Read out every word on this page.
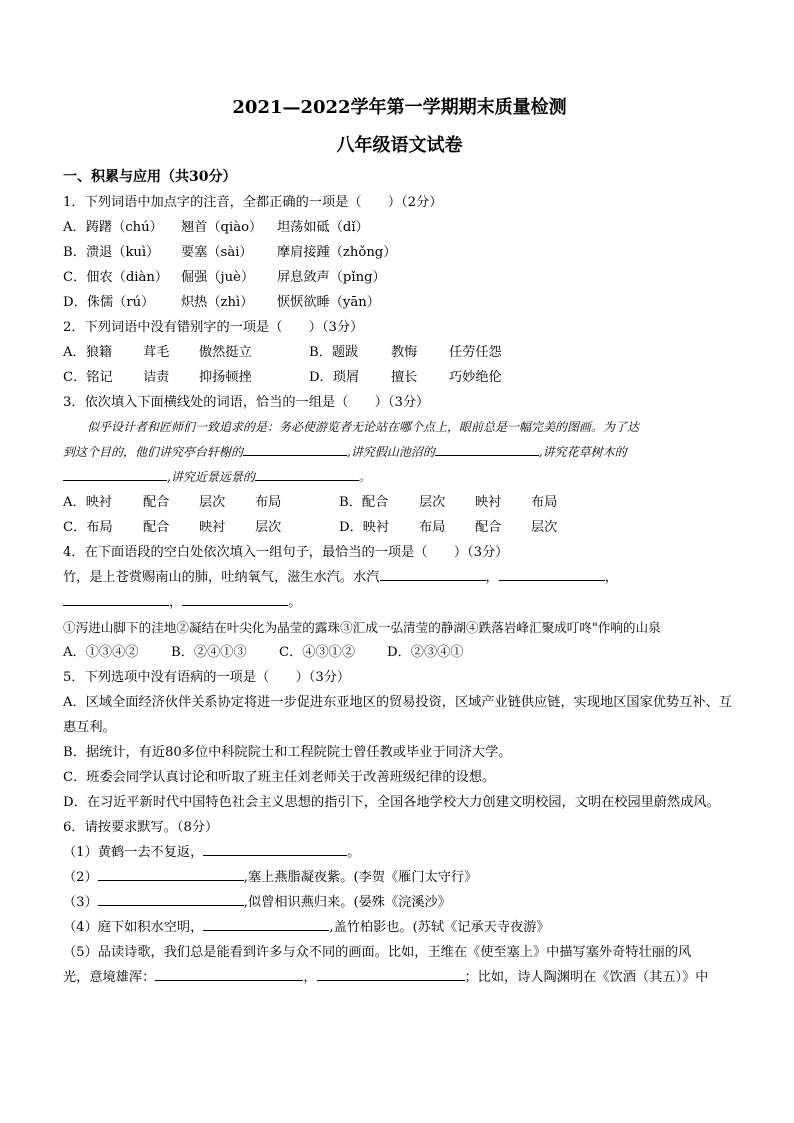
2021—2022学年第一学期期末质量检测
八年级语文试卷
一、积累与应用（共30分）
1．下列词语中加点字的注音，全都正确的一项是（　　）（2分）
A．踌躇（chú）	翘首（qiào）	坦荡如砥（dǐ）
B．溃退（kuì）	要塞（sài）	摩肩接踵（zhǒng）
C．佃农（diàn） 倔强（juè）	屏息敛声（pǐng）
D．侏儒（rú）	炽热（zhì）	恹恹欲睡（yān）
2．下列词语中没有错别字的一项是（　　）（3分）
A．狼籍	茸毛	傲然挺立	B．题跋	教悔	任劳任怨
C．铭记	诘责	抑扬顿挫	D．琐屑	擅长	巧妙绝伦
3．依次填入下面横线处的词语，恰当的一组是（　　）（3分）
似乎设计者和匠师们一致追求的是：务必使游览者无论站在哪个点上，眼前总是一幅完美的图画。为了达
到这个目的，他们讲究亭台轩榭的	,讲究假山池沼的	,讲究花草树木的
,讲究近景远景的	。
A．映衬	配合	层次	布局	B．配合	层次	映衬	布局
C．布局	配合	映衬	层次	D．映衬	布局	配合	层次
4．在下面语段的空白处依次填入一组句子，最恰当的一项是（　　）（3分）
竹，是上苍赏赐南山的肺，吐纳氧气，滋生水汽。水汽	，	，
，	。
①泻进山脚下的洼地②凝结在叶尖化为晶莹的露珠③汇成一弘清莹的静湖④跌落岩峰汇聚成叮咚"作响的山泉
A．①③④②	B．②④①③	C．④③①②	D．②③④①
5．下列选项中没有语病的一项是（　　）（3分）
A．区域全面经济伙伴关系协定将进一步促进东亚地区的贸易投资，区域产业链供应链，实现地区国家优势互补、互惠互利。
B．据统计，有近80多位中科院院士和工程院院士曾任教或毕业于同济大学。
C．班委会同学认真讨论和听取了班主任刘老师关于改善班级纪律的设想。
D．在习近平新时代中国特色社会主义思想的指引下，全国各地学校大力创建文明校园，文明在校园里蔚然成风。
6．请按要求默写。（8分）
（1）黄鹤一去不复返，	。
（2）	,塞上燕脂凝夜紫。(李贺《雁门太守行》
（3）	,似曾相识燕归来。(晏殊《浣溪沙》
（4）庭下如积水空明，	,盖竹柏影也。(苏轼《记承天寺夜游》
（5）品读诗歌，我们总是能看到许多与众不同的画面。比如，王维在《使至塞上》中描写塞外奇特壮丽的风
光，意境雄浑：	，	；比如，诗人陶渊明在《饮酒（其五）》中
